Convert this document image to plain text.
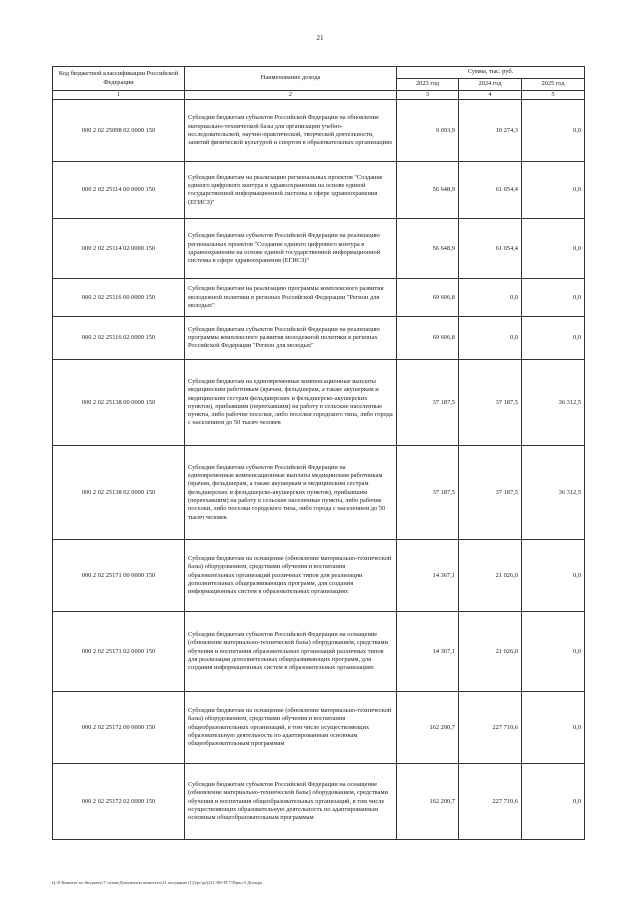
21
Код бюджетной классификации Российской Федерации	Наименование дохода	Сумма, тыс. руб.		
		2023 год	2024 год	2025 год
1	2	3	4	5
000 2 02 25098 02 0000 150	Субсидии бюджетам субъектов Российской Федерации на обновление материально-технической базы для организации учебно-исследовательской, научно-практической, творческой деятельности, занятий физической культурой и спортом в образовательных организациях	9 093,9	10 274,3	0,0
000 2 02 25114 00 0000 150	Субсидии бюджетам на реализацию региональных проектов "Создание единого цифрового контура в здравоохранении на основе единой государственной информационной системы в сфере здравоохранения (ЕГИСЗ)"	56 648,9	61 054,4	0,0
000 2 02 25114 02 0000 150	Субсидии бюджетам субъектов Российской Федерации на реализацию региональных проектов "Создание единого цифрового контура в здравоохранении на основе единой государственной информационной системы в сфере здравоохранения (ЕГИСЗ)"	56 648,9	61 054,4	0,0
000 2 02 25116 00 0000 150	Субсидии бюджетам на реализацию программы комплексного развития молодежной политики в регионах Российской Федерации "Регион для молодых"	69 606,8	0,0	0,0
000 2 02 25116 02 0000 150	Субсидии бюджетам субъектов Российской Федерации на реализацию программы комплексного развития молодежной политики в регионах Российской Федерации "Регион для молодых"	69 606,8	0,0	0,0
000 2 02 25138 00 0000 150	Субсидии бюджетам на единовременные компенсационные выплаты медицинским работникам (врачам, фельдшерам, а также акушеркам и медицинским сестрам фельдшерских и фельдшерско-акушерских пунктов), прибывшим (переехавшим) на работу в сельские населенные пункты, либо рабочие поселки, либо поселки городского типа, либо города с населением до 50 тысяч человек	37 187,5	37 187,5	36 312,5
000 2 02 25138 02 0000 150	Субсидии бюджетам субъектов Российской Федерации на единовременные компенсационные выплаты медицинским работникам (врачам, фельдшерам, а также акушеркам и медицинским сестрам фельдшерских и фельдшерско-акушерских пунктов), прибывшим (переехавшим) на работу в сельские населенные пункты, либо рабочие поселки, либо поселки городского типа, либо города с населением до 50 тысяч человек	37 187,5	37 187,5	36 312,5
000 2 02 25171 00 0000 150	Субсидии бюджетам на оснащение (обновление материально-технической базы) оборудованием, средствами обучения и воспитания образовательных организаций различных типов для реализации дополнительных общеразвивающих программ, для создания информационных систем в образовательных организациях	14 367,1	21 026,0	0,0
000 2 02 25171 02 0000 150	Субсидии бюджетам субъектов Российской Федерации на оснащение (обновление материально-технической базы) оборудованием, средствами обучения и воспитания образовательных организаций различных типов для реализации дополнительных общеразвивающих программ, для создания информационных систем в образовательных организациях	14 367,1	21 026,0	0,0
000 2 02 25172 00 0000 150	Субсидии бюджетам на оснащение (обновление материально-технической базы) оборудованием, средствами обучения и воспитания общеобразовательных организаций, в том числе осуществляющих образовательную деятельность по адаптированным основным общеобразовательным программам	162 200,7	227 710,6	0,0
000 2 02 25172 02 0000 150	Субсидии бюджетам субъектов Российской Федерации на оснащение (обновление материально-технической базы) оборудованием, средствами обучения и воспитания общеобразовательных организаций, в том числе осуществляющих образовательную деятельность по адаптированным основным общеобразовательным программам	162 200,7	227 710,6	0,0
Q:\0 Комитет по бюджету\7 созыв\Документы комитета\21 заседание (12)\рг\рг(21) 385-П-7\Прил 5 Доходы
